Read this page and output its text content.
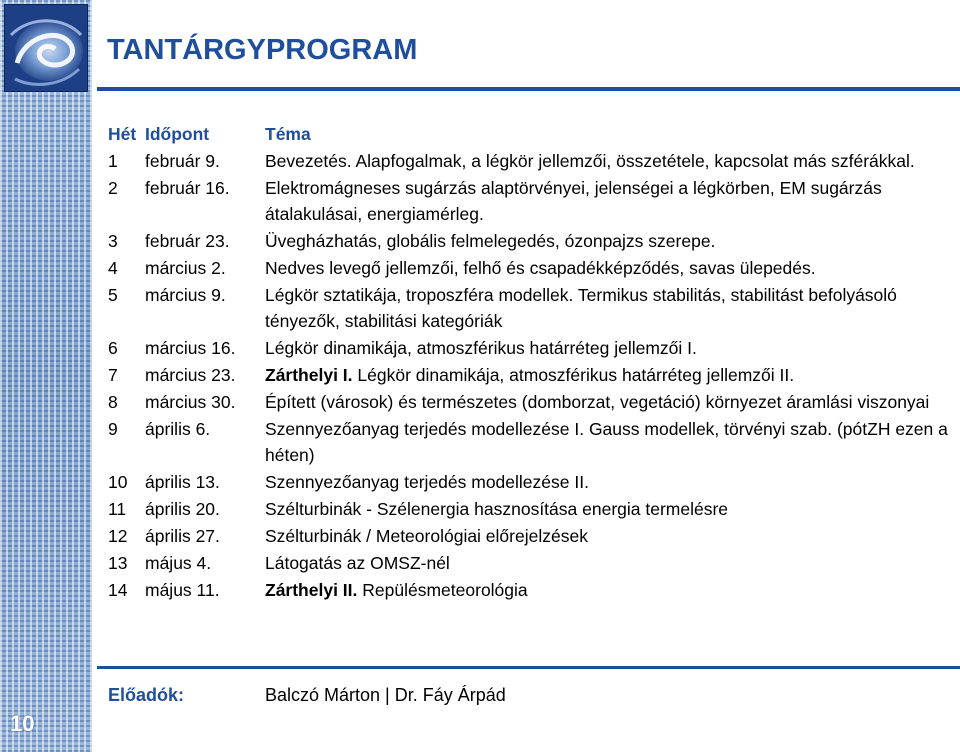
TANTÁRGYPROGRAM
Hét Időpont	Téma
1	február 9.	Bevezetés. Alapfogalmak, a légkör jellemzői, összetétele, kapcsolat más szférákkal.
2	február 16.	Elektromágneses sugárzás alaptörvényei, jelenségei a légkörben, EM sugárzás átalakulásai, energiamérleg.
3	február 23.	Üvegházhatás, globális felmelegedés, ózonpajzs szerepe.
4	március 2.	Nedves levegő jellemzői, felhő és csapadékképződés, savas ülepedés.
5	március 9.	Légkör sztatikája, troposzféra modellek. Termikus stabilitás, stabilitást befolyásoló tényezők, stabilitási kategóriák
6	március 16.	Légkör dinamikája, atmoszférikus határréteg jellemzői I.
7	március 23.	Zárthelyi I. Légkör dinamikája, atmoszférikus határréteg jellemzői II.
8	március 30.	Épített (városok) és természetes (domborzat, vegetáció) környezet áramlási viszonyai
9	április 6.	Szennyezőanyag terjedés modellezése I. Gauss modellek, törvényi szab. (pótZH ezen a héten)
10	április 13.	Szennyezőanyag terjedés modellezése II.
11	április 20.	Szélturbinák - Szélenergia hasznosítása energia termelésre
12	április 27.	Szélturbinák / Meteorológiai előrejelzések
13	május 4.	Látogatás az OMSZ-nél
14	május 11.	Zárthelyi II. Repülésmeteorológia
Előadók:	Balczó Márton | Dr. Fáy Árpád
10
